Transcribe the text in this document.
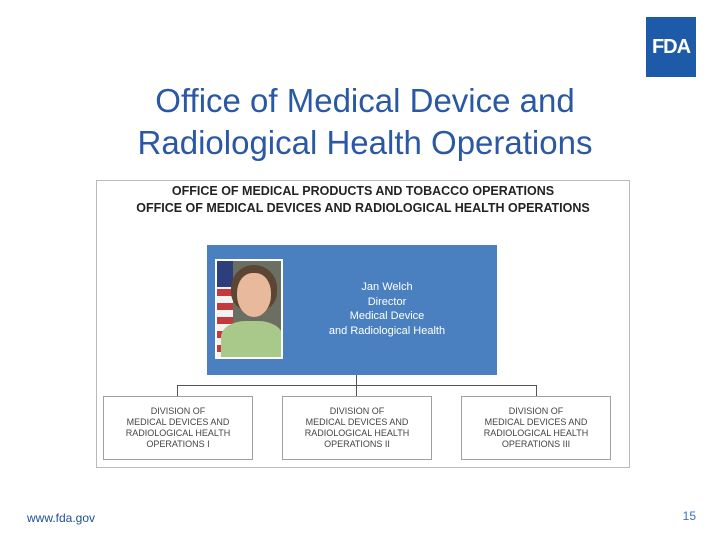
FDA
Office of Medical Device and
Radiological Health Operations
OFFICE OF MEDICAL PRODUCTS AND TOBACCO OPERATIONS
OFFICE OF MEDICAL DEVICES AND RADIOLOGICAL HEALTH OPERATIONS
Jan Welch
Director
Medical Device
and Radiological Health
DIVISION OF
MEDICAL DEVICES AND
RADIOLOGICAL HEALTH
OPERATIONS I
DIVISION OF
MEDICAL DEVICES AND
RADIOLOGICAL HEALTH
OPERATIONS II
DIVISION OF
MEDICAL DEVICES AND
RADIOLOGICAL HEALTH
OPERATIONS III
www.fda.gov	15
